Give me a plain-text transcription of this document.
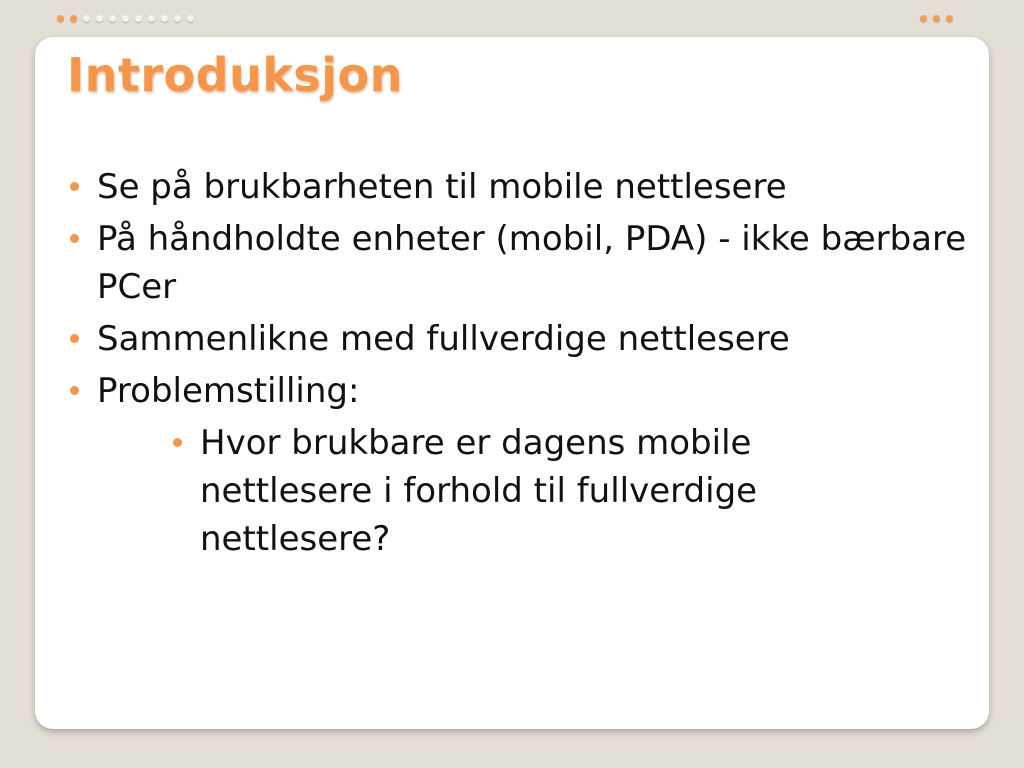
Introduksjon
Se på brukbarheten til mobile nettlesere
På håndholdte enheter (mobil, PDA) - ikke bærbare PCer
Sammenlikne med fullverdige nettlesere
Problemstilling:
Hvor brukbare er dagens mobile nettlesere i forhold til fullverdige nettlesere?
